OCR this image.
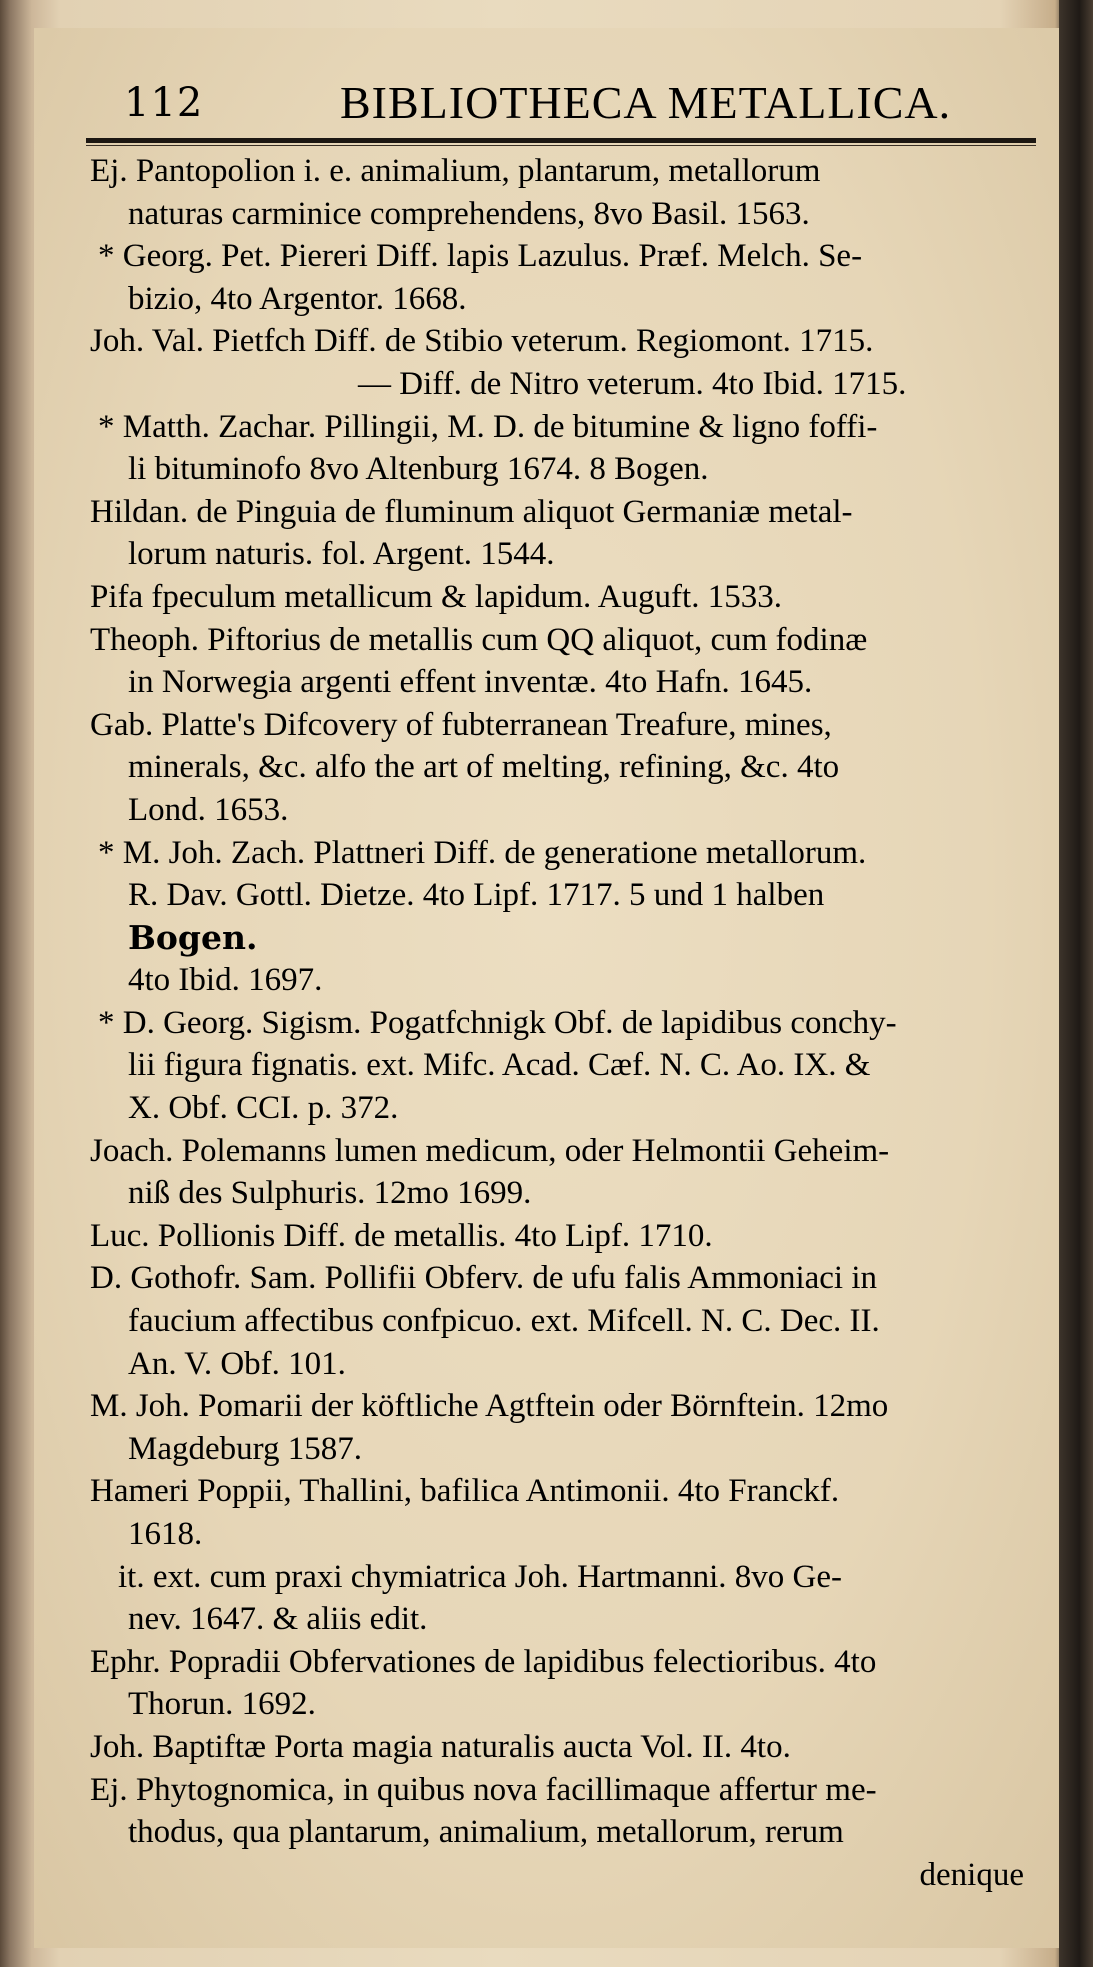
112	BIBLIOTHECA METALLICA.
Ej. Pantopolion i. e. animalium, plantarum, metallorum
naturas carminice comprehendens, 8vo Basil. 1563.
* Georg. Pet. Piereri Diff. lapis Lazulus. Præf. Melch. Se-
bizio, 4to Argentor. 1668.
Joh. Val. Pietfch Diff. de Stibio veterum. Regiomont. 1715.
— Diff. de Nitro veterum. 4to Ibid. 1715.
* Matth. Zachar. Pillingii, M. D. de bitumine & ligno foffi-
li bituminofo 8vo Altenburg 1674. 8 Bogen.
Hildan. de Pinguia de fluminum aliquot Germaniæ metal-
lorum naturis. fol. Argent. 1544.
Pifa fpeculum metallicum & lapidum. Auguft. 1533.
Theoph. Piftorius de metallis cum QQ aliquot, cum fodinæ
in Norwegia argenti effent inventæ. 4to Hafn. 1645.
Gab. Platte's Difcovery of fubterranean Treafure, mines,
minerals, &c. alfo the art of melting, refining, &c. 4to
Lond. 1653.
* M. Joh. Zach. Plattneri Diff. de generatione metallorum.
R. Dav. Gottl. Dietze. 4to Lipf. 1717. 5 und 1 halben
Bogen.
4to Ibid. 1697.
* D. Georg. Sigism. Pogatfchnigk Obf. de lapidibus conchy-
lii figura fignatis. ext. Mifc. Acad. Cæf. N. C. Ao. IX. &
X. Obf. CCI. p. 372.
Joach. Polemanns lumen medicum, oder Helmontii Geheim-
niß des Sulphuris. 12mo 1699.
Luc. Pollionis Diff. de metallis. 4to Lipf. 1710.
D. Gothofr. Sam. Pollifii Obferv. de ufu falis Ammoniaci in
faucium affectibus confpicuo. ext. Mifcell. N. C. Dec. II.
An. V. Obf. 101.
M. Joh. Pomarii der köftliche Agtftein oder Börnftein. 12mo
Magdeburg 1587.
Hameri Poppii, Thallini, bafilica Antimonii. 4to Franckf.
1618.
it. ext. cum praxi chymiatrica Joh. Hartmanni. 8vo Ge-
nev. 1647. & aliis edit.
Ephr. Popradii Obfervationes de lapidibus felectioribus. 4to
Thorun. 1692.
Joh. Baptiftæ Porta magia naturalis aucta Vol. II. 4to.
Ej. Phytognomica, in quibus nova facillimaque affertur me-
thodus, qua plantarum, animalium, metallorum, rerum
denique
